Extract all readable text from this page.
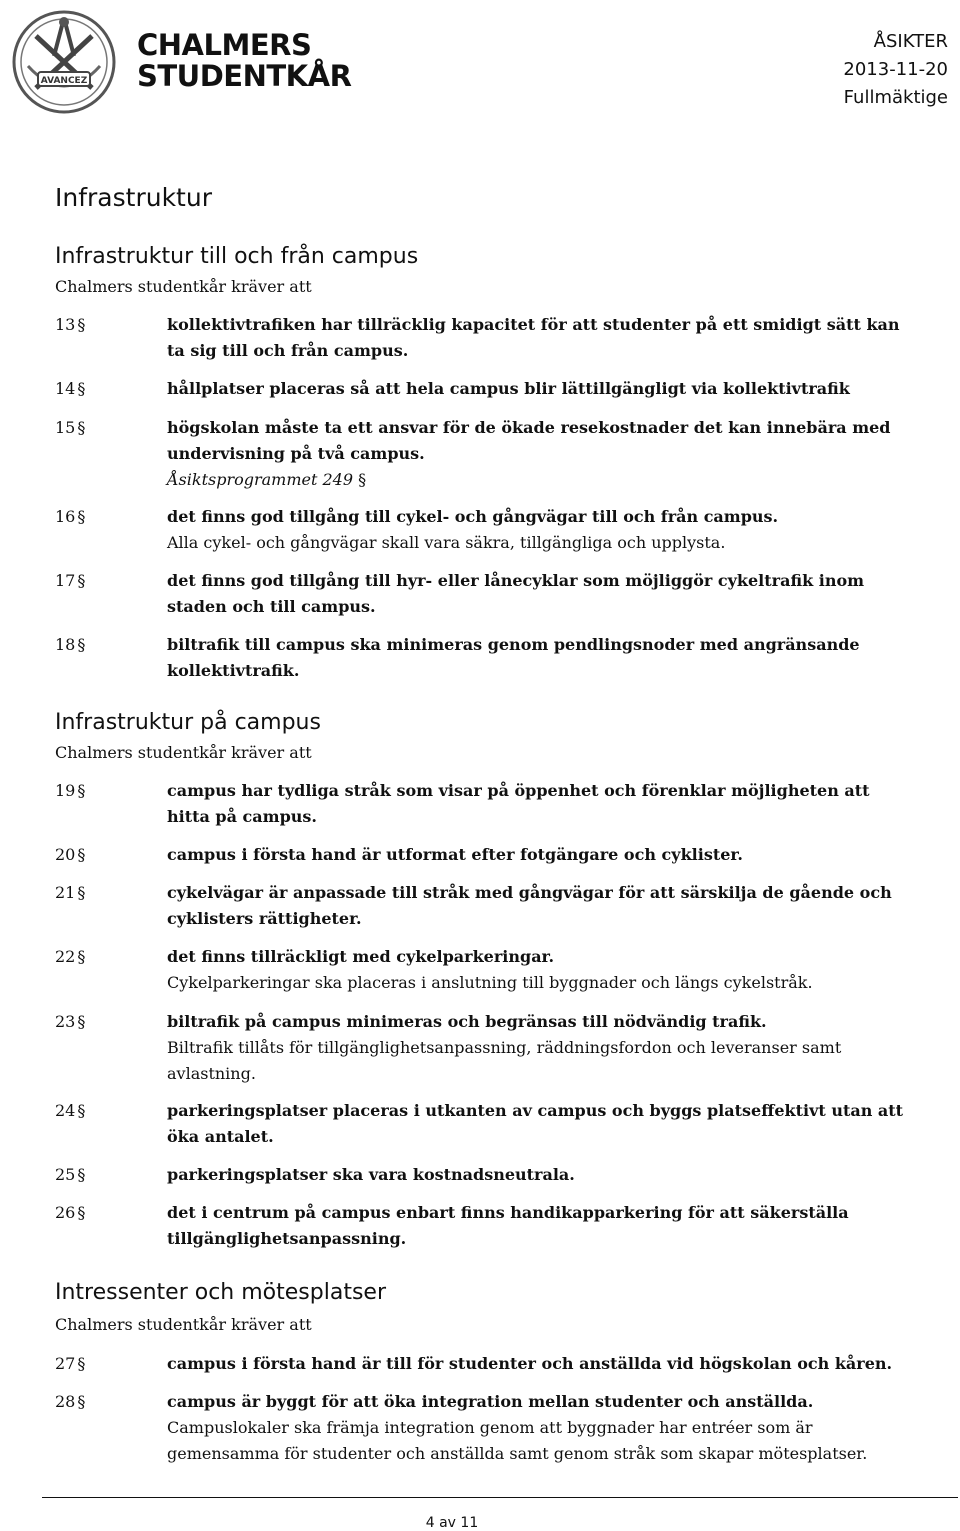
AVANCEZ
CHALMERS
STUDENTKÅR
ÅSIKTER
2013-11-20
Fullmäktige
Infrastruktur
Infrastruktur till och från campus

Chalmers studentkår kräver att

13 §	kollektivtrafiken har tillräcklig kapacitet för att studenter på ett smidigt sätt kan

ta sig till och från campus.

14 §	hållplatser placeras så att hela campus blir lättillgängligt via kollektivtrafik

15 §	högskolan måste ta ett ansvar för de ökade resekostnader det kan innebära med

undervisning på två campus.

Åsiktsprogrammet 249 §

16 §	det finns god tillgång till cykel- och gångvägar till och från campus.

Alla cykel- och gångvägar skall vara säkra, tillgängliga och upplysta.

17 §	det finns god tillgång till hyr- eller lånecyklar som möjliggör cykeltrafik inom

staden och till campus.

18 §	biltrafik till campus ska minimeras genom pendlingsnoder med angränsande

kollektivtrafik.

Infrastruktur på campus

Chalmers studentkår kräver att

19 §	campus har tydliga stråk som visar på öppenhet och förenklar möjligheten att

hitta på campus.

20 §	campus i första hand är utformat efter fotgängare och cyklister.

21 §	cykelvägar är anpassade till stråk med gångvägar för att särskilja de gående och

cyklisters rättigheter.

22 §	det finns tillräckligt med cykelparkeringar.

Cykelparkeringar ska placeras i anslutning till byggnader och längs cykelstråk.

23 §	biltrafik på campus minimeras och begränsas till nödvändig trafik.

Biltrafik tillåts för tillgänglighetsanpassning, räddningsfordon och leveranser samt

avlastning.

24 §	parkeringsplatser placeras i utkanten av campus och byggs platseffektivt utan att

öka antalet.

25 §	parkeringsplatser ska vara kostnadsneutrala.

26 §	det i centrum på campus enbart finns handikapparkering för att säkerställa

tillgänglighetsanpassning.

Intressenter och mötesplatser

Chalmers studentkår kräver att

27 §	campus i första hand är till för studenter och anställda vid högskolan och kåren.

28 §	campus är byggt för att öka integration mellan studenter och anställda.

Campuslokaler ska främja integration genom att byggnader har entréer som är

gemensamma för studenter och anställda samt genom stråk som skapar mötesplatser.

4 av 11
